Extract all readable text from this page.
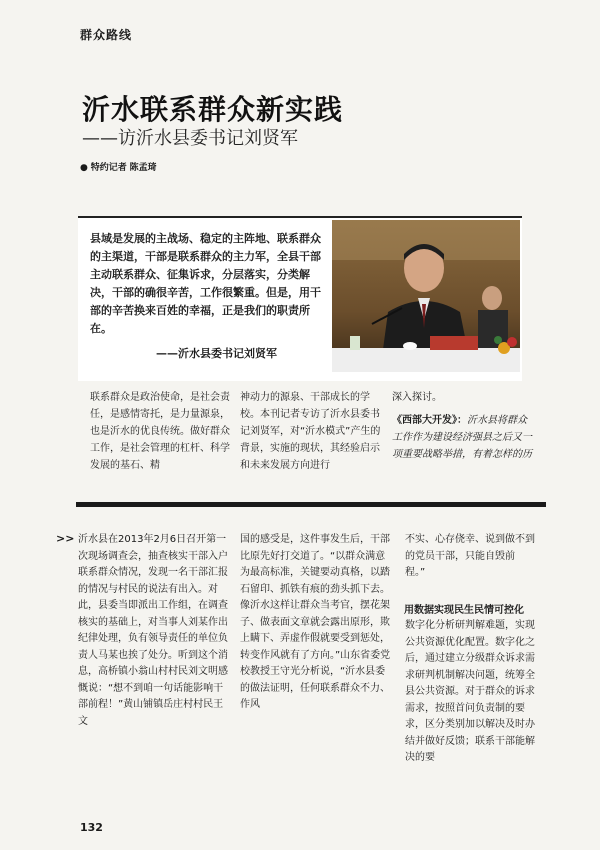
群众路线
沂水联系群众新实践
——访沂水县委书记刘贤军
● 特约记者 陈孟琦
县域是发展的主战场、稳定的主阵地、联系群众的主渠道，干部是联系群众的主力军，全县干部主动联系群众、征集诉求，分层落实，分类解决，干部的确很辛苦，工作很繁重。但是，用干部的辛苦换来百姓的幸福，正是我们的职责所在。
——沂水县委书记刘贤军
联系群众是政治使命，是社会责任，是感情寄托，是力量源泉，也是沂水的优良传统。做好群众工作，是社会管理的杠杆、科学发展的基石、精
神动力的源泉、干部成长的学校。本刊记者专访了沂水县委书记刘贤军，对“沂水模式”产生的背景，实施的现状，其经验启示和未来发展方向进行

深入探讨。

《西部大开发》：沂水县将群众工作作为建设经济强县之后又一项重要战略举措，有着怎样的历

>> 沂水县在2013年2月6日召开第一次现场调查会，抽查核实干部入户联系群众情况，发现一名干部汇报的情况与村民的说法有出入。对此，县委当即派出工作组，在调查核实的基础上，对当事人刘某作出纪律处理，负有领导责任的单位负责人马某也挨了处分。听到这个消息，高桥镇小翁山村村民刘文明感慨说：“想不到咱一句话能影响干部前程！”黄山铺镇岳庄村村民王文
国的感受是，这件事发生后，干部比原先好打交道了。“以群众满意为最高标准，关键要动真格，以踏石留印、抓铁有痕的劲头抓下去。像沂水这样让群众当考官，摆花架子、做表面文章就会露出原形，欺上瞒下、弄虚作假就要受到惩处，转变作风就有了方向。”山东省委党校教授王守光分析说，“沂水县委的做法证明，任何联系群众不力、作风
不实、心存侥幸、说到做不到的党员干部，只能自毁前程。”
用数据实现民生民情可控化
数字化分析研判解难题，实现公共资源优化配置。数字化之后，通过建立分级群众诉求需求研判机制解决问题，统筹全县公共资源。对于群众的诉求需求，按照首问负责制的要求，区分类别加以解决及时办结并做好反馈；联系干部能解决的要
132
